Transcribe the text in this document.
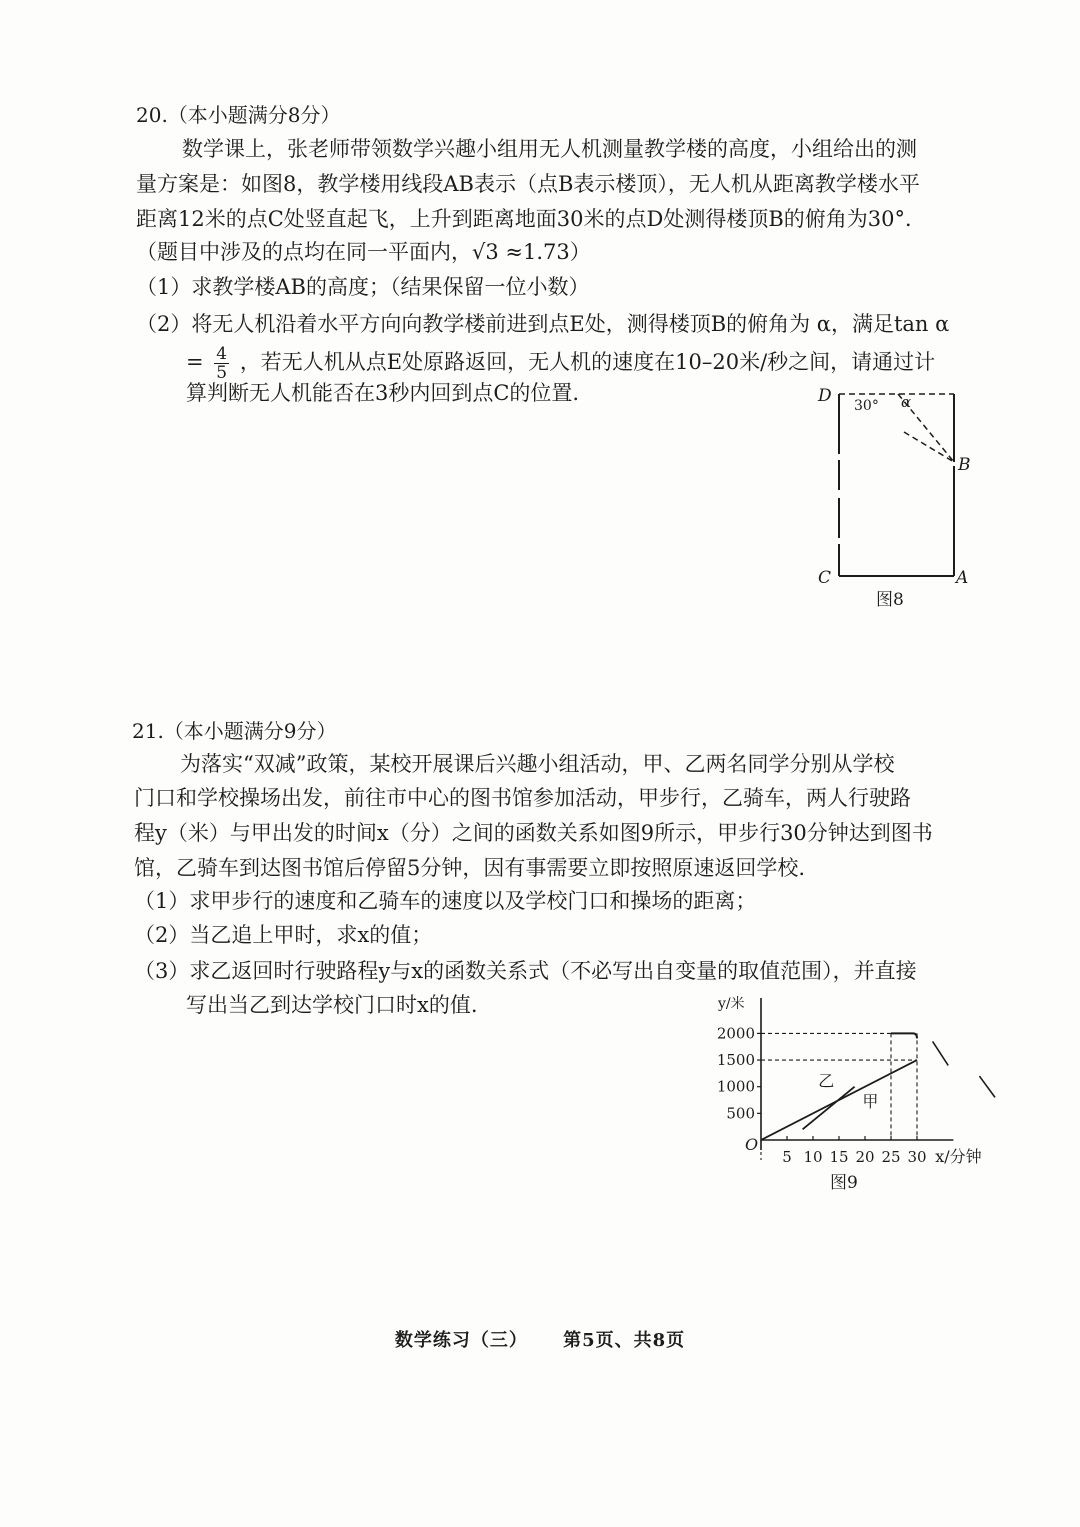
20.（本小题满分8分）
数学课上，张老师带领数学兴趣小组用无人机测量教学楼的高度，小组给出的测
量方案是：如图8，教学楼用线段AB表示（点B表示楼顶），无人机从距离教学楼水平
距离12米的点C处竖直起飞，上升到距离地面30米的点D处测得楼顶B的俯角为30°．
（题目中涉及的点均在同一平面内，√3 ≈1.73）
（1）求教学楼AB的高度；（结果保留一位小数）
（2）将无人机沿着水平方向向教学楼前进到点E处，测得楼顶B的俯角为 α，满足tan α
= $\frac{4}{5}$ ，若无人机从点E处原路返回，无人机的速度在10–20米/秒之间，请通过计
算判断无人机能否在3秒内回到点C的位置.	D 30° α
B
C	A
图8
21.（本小题满分9分）
为落实“双减”政策，某校开展课后兴趣小组活动，甲、乙两名同学分别从学校
门口和学校操场出发，前往市中心的图书馆参加活动，甲步行，乙骑车，两人行驶路
程y（米）与甲出发的时间x（分）之间的函数关系如图9所示，甲步行30分钟达到图书
馆，乙骑车到达图书馆后停留5分钟，因有事需要立即按照原速返回学校.
（1）求甲步行的速度和乙骑车的速度以及学校门口和操场的距离；
（2）当乙追上甲时，求x的值；
（3）求乙返回时行驶路程y与x的函数关系式（不必写出自变量的取值范围），并直接
写出当乙到达学校门口时x的值.	y/米
x/分钟
O
500
1000
1500
2000
5 10 15 20 25 30
甲
乙
图9
数学练习（三） 第5页、共8页
